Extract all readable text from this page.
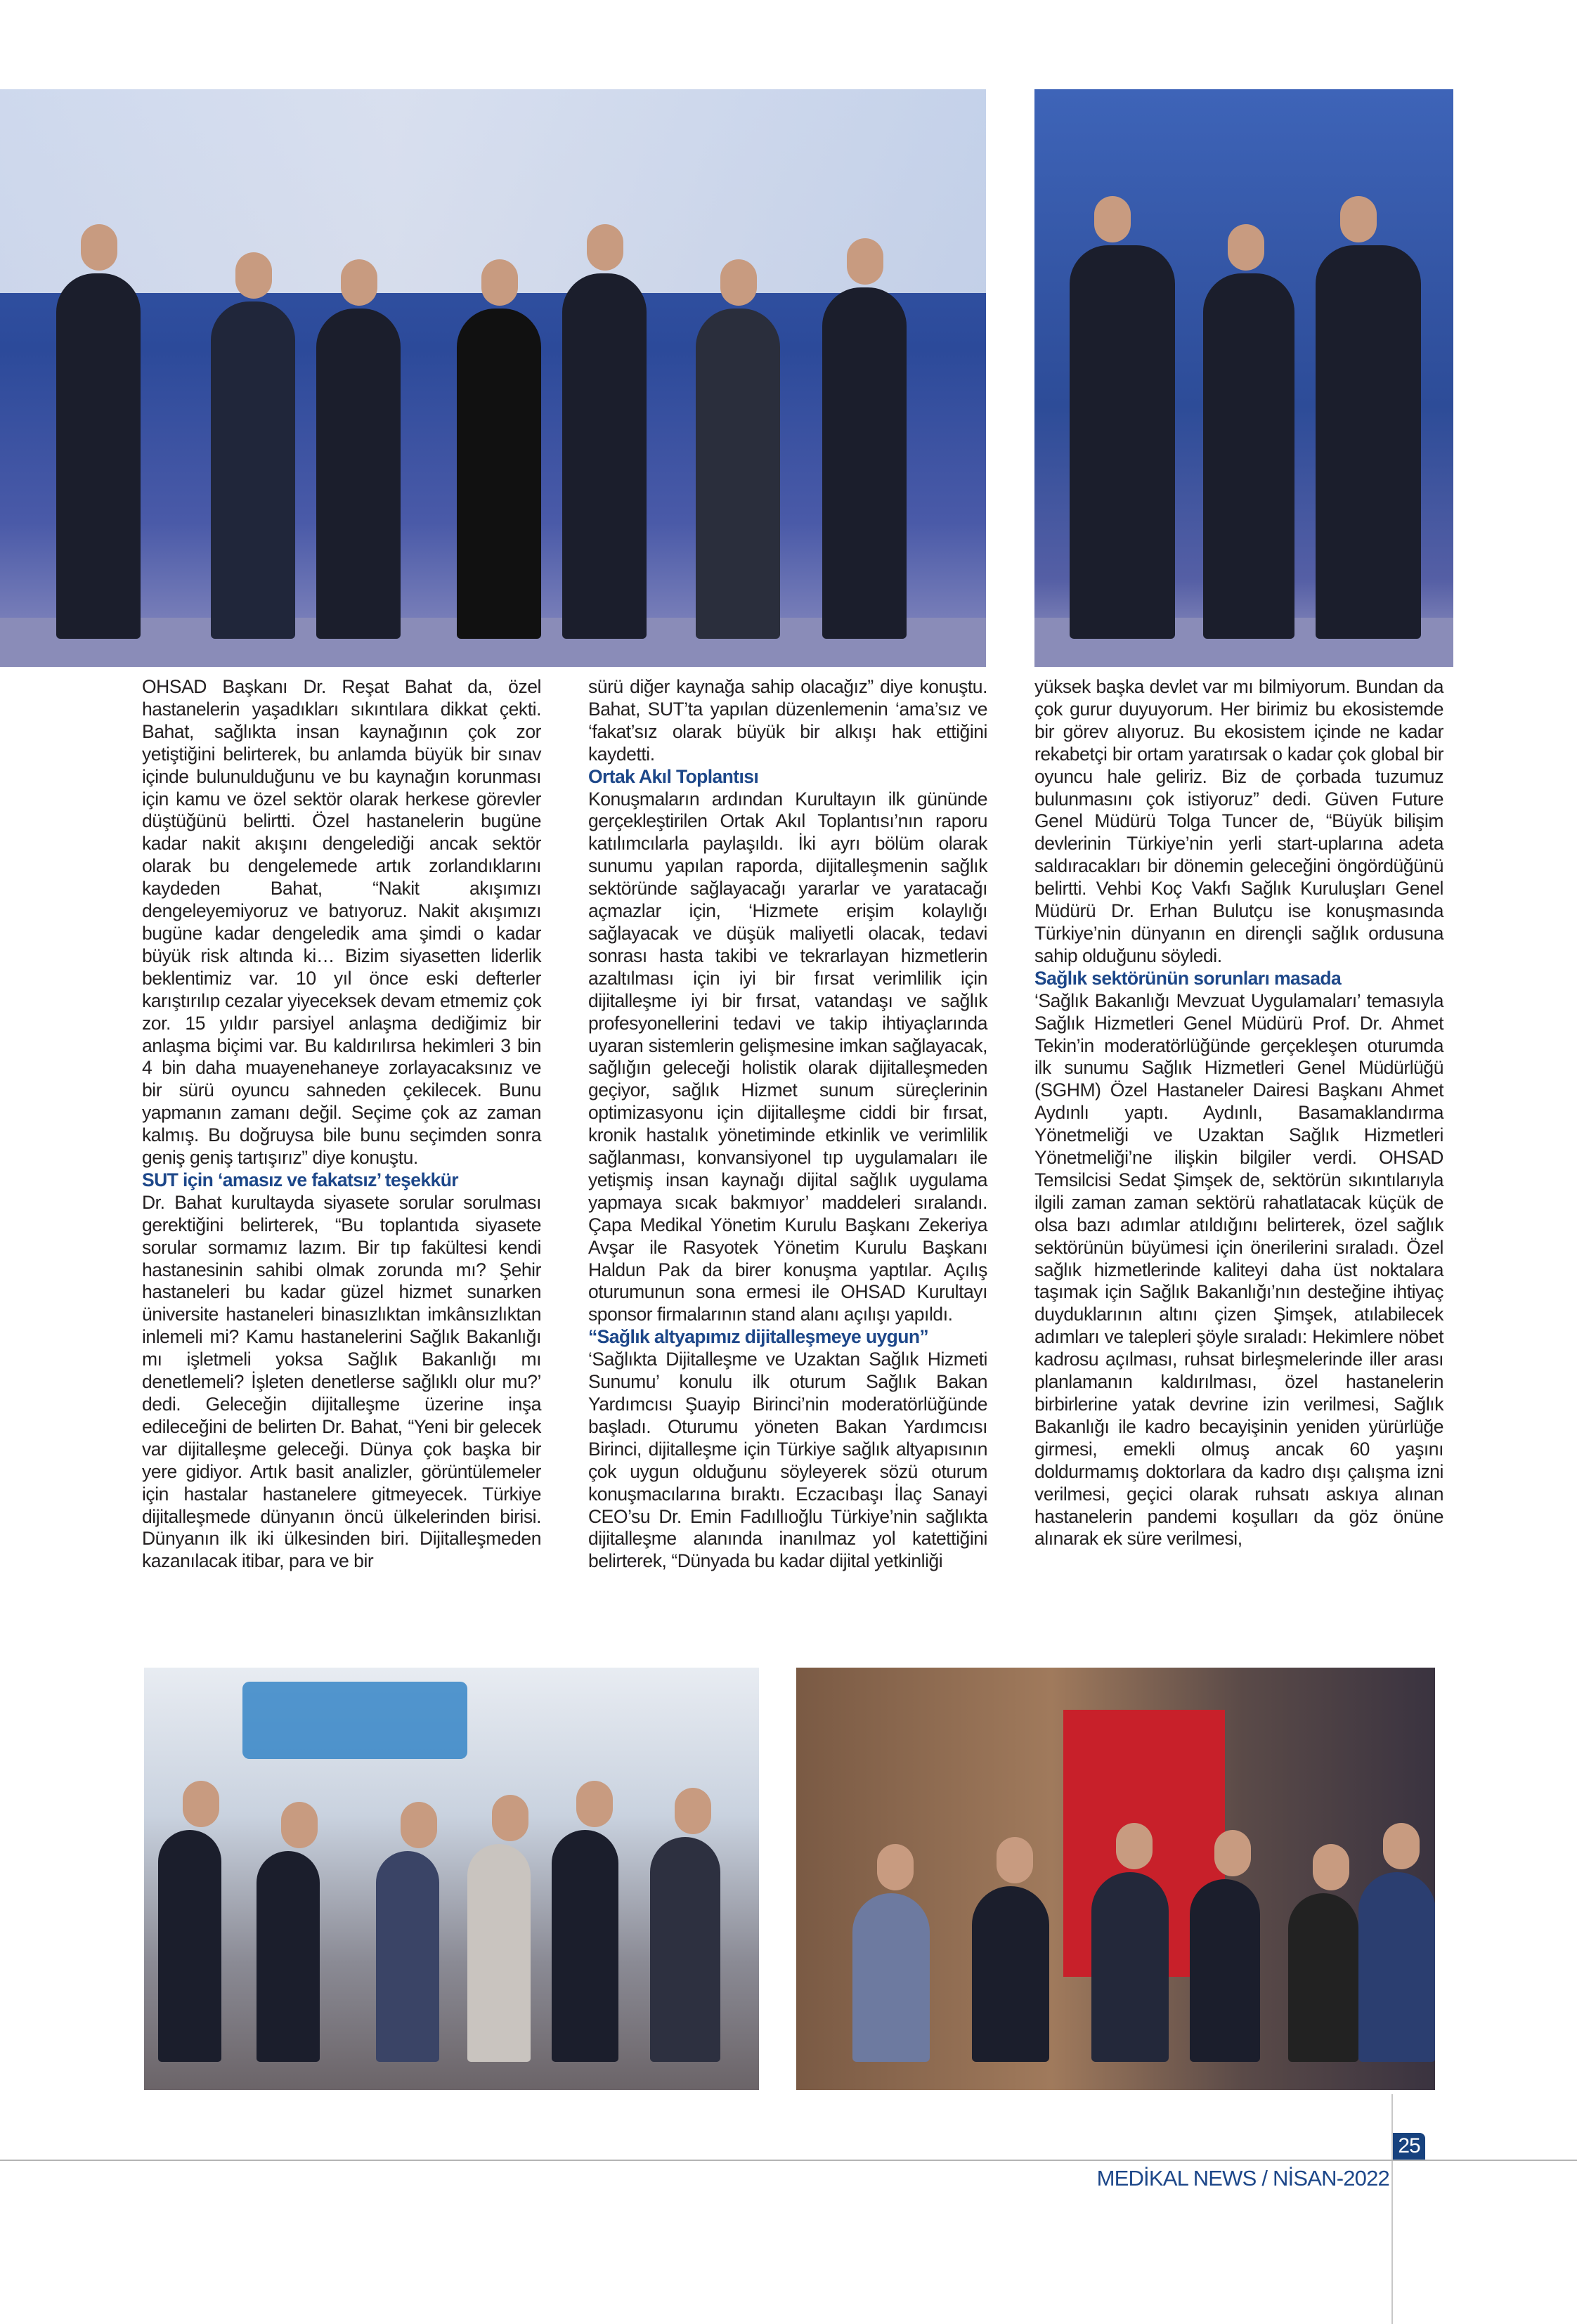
OHSAD Başkanı Dr. Reşat Bahat da, özel hastanelerin yaşadıkları sıkıntılara dikkat çekti. Bahat, sağlıkta insan kaynağının çok zor yetiştiğini belirterek, bu anlamda büyük bir sınav içinde bulunulduğunu ve bu kaynağın korunması için kamu ve özel sektör olarak herkese görevler düştüğünü belirtti. Özel hastanelerin bugüne kadar nakit akışını dengelediği ancak sektör olarak bu dengelemede artık zorlandıklarını kaydeden Bahat, “Nakit akışımızı dengeleyemiyoruz ve batıyoruz. Nakit akışımızı bugüne kadar dengeledik ama şimdi o kadar büyük risk altında ki… Bizim siyasetten liderlik beklentimiz var. 10 yıl önce eski defterler karıştırılıp cezalar yiyeceksek devam etmemiz çok zor. 15 yıldır parsiyel anlaşma dediğimiz bir anlaşma biçimi var. Bu kaldırılırsa hekimleri 3 bin 4 bin daha muayenehaneye zorlayacaksınız ve bir sürü oyuncu sahneden çekilecek. Bunu yapmanın zamanı değil. Seçime çok az zaman kalmış. Bu doğruysa bile bunu seçimden sonra geniş geniş tartışırız” diye konuştu.

SUT için ‘amasız ve fakatsız’ teşekkür

Dr. Bahat kurultayda siyasete sorular sorulması gerektiğini belirterek, “Bu toplantıda siyasete sorular sormamız lazım. Bir tıp fakültesi kendi hastanesinin sahibi olmak zorunda mı? Şehir hastaneleri bu kadar güzel hizmet sunarken üniversite hastaneleri binasızlıktan imkânsızlıktan inlemeli mi? Kamu hastanelerini Sağlık Bakanlığı mı işletmeli yoksa Sağlık Bakanlığı mı denetlemeli? İşleten denetlerse sağlıklı olur mu?’ dedi. Geleceğin dijitalleşme üzerine inşa edileceğini de belirten Dr. Bahat, “Yeni bir gelecek var dijitalleşme geleceği. Dünya çok başka bir yere gidiyor. Artık basit analizler, görüntülemeler için hastalar hastanelere gitmeyecek. Türkiye dijitalleşmede dünyanın öncü ülkelerinden birisi. Dünyanın ilk iki ülkesinden biri. Dijitalleşmeden kazanılacak itibar, para ve bir

sürü diğer kaynağa sahip olacağız” diye konuştu. Bahat, SUT’ta yapılan düzenlemenin ‘ama’sız ve ‘fakat’sız olarak büyük bir alkışı hak ettiğini kaydetti.

Ortak Akıl Toplantısı

Konuşmaların ardından Kurultayın ilk gününde gerçekleştirilen Ortak Akıl Toplantısı’nın raporu katılımcılarla paylaşıldı. İki ayrı bölüm olarak sunumu yapılan raporda, dijitalleşmenin sağlık sektöründe sağlayacağı yararlar ve yaratacağı açmazlar için, ‘Hizmete erişim kolaylığı sağlayacak ve düşük maliyetli olacak, tedavi sonrası hasta takibi ve tekrarlayan hizmetlerin azaltılması için iyi bir fırsat verimlilik için dijitalleşme iyi bir fırsat, vatandaşı ve sağlık profesyonellerini tedavi ve takip ihtiyaçlarında uyaran sistemlerin gelişmesine imkan sağlayacak, sağlığın geleceği holistik olarak dijitalleşmeden geçiyor, sağlık Hizmet sunum süreçlerinin optimizasyonu için dijitalleşme ciddi bir fırsat, kronik hastalık yönetiminde etkinlik ve verimlilik sağlanması, konvansiyonel tıp uygulamaları ile yetişmiş insan kaynağı dijital sağlık uygulama yapmaya sıcak bakmıyor’ maddeleri sıralandı. Çapa Medikal Yönetim Kurulu Başkanı Zekeriya Avşar ile Rasyotek Yönetim Kurulu Başkanı Haldun Pak da birer konuşma yaptılar. Açılış oturumunun sona ermesi ile OHSAD Kurultayı sponsor firmalarının stand alanı açılışı yapıldı.

“Sağlık altyapımız dijitalleşmeye uygun”

‘Sağlıkta Dijitalleşme ve Uzaktan Sağlık Hizmeti Sunumu’ konulu ilk oturum Sağlık Bakan Yardımcısı Şuayip Birinci’nin moderatörlüğünde başladı. Oturumu yöneten Bakan Yardımcısı Birinci, dijitalleşme için Türkiye sağlık altyapısının çok uygun olduğunu söyleyerek sözü oturum konuşmacılarına bıraktı. Eczacıbaşı İlaç Sanayi CEO’su Dr. Emin Fadıllıoğlu Türkiye’nin sağlıkta dijitalleşme alanında inanılmaz yol katettiğini belirterek, “Dünyada bu kadar dijital yetkinliği

yüksek başka devlet var mı bilmiyorum. Bundan da çok gurur duyuyorum. Her birimiz bu ekosistemde bir görev alıyoruz. Bu ekosistem içinde ne kadar rekabetçi bir ortam yaratırsak o kadar çok global bir oyuncu hale geliriz. Biz de çorbada tuzumuz bulunmasını çok istiyoruz” dedi. Güven Future Genel Müdürü Tolga Tuncer de, “Büyük bilişim devlerinin Türkiye’nin yerli start-uplarına adeta saldıracakları bir dönemin geleceğini öngördüğünü belirtti. Vehbi Koç Vakfı Sağlık Kuruluşları Genel Müdürü Dr. Erhan Bulutçu ise konuşmasında Türkiye’nin dünyanın en dirençli sağlık ordusuna sahip olduğunu söyledi.

Sağlık sektörünün sorunları masada

‘Sağlık Bakanlığı Mevzuat Uygulamaları’ temasıyla Sağlık Hizmetleri Genel Müdürü Prof. Dr. Ahmet Tekin’in moderatörlüğünde gerçekleşen oturumda ilk sunumu Sağlık Hizmetleri Genel Müdürlüğü (SGHM) Özel Hastaneler Dairesi Başkanı Ahmet Aydınlı yaptı. Aydınlı, Basamaklandırma Yönetmeliği ve Uzaktan Sağlık Hizmetleri Yönetmeliği’ne ilişkin bilgiler verdi. OHSAD Temsilcisi Sedat Şimşek de, sektörün sıkıntılarıyla ilgili zaman zaman sektörü rahatlatacak küçük de olsa bazı adımlar atıldığını belirterek, özel sağlık sektörünün büyümesi için önerilerini sıraladı. Özel sağlık hizmetlerinde kaliteyi daha üst noktalara taşımak için Sağlık Bakanlığı’nın desteğine ihtiyaç duyduklarının altını çizen Şimşek, atılabilecek adımları ve talepleri şöyle sıraladı: Hekimlere nöbet kadrosu açılması, ruhsat birleşmelerinde iller arası planlamanın kaldırılması, özel hastanelerin birbirlerine yatak devrine izin verilmesi, Sağlık Bakanlığı ile kadro becayişinin yeniden yürürlüğe girmesi, emekli olmuş ancak 60 yaşını doldurmamış doktorlara da kadro dışı çalışma izni verilmesi, geçici olarak ruhsatı askıya alınan hastanelerin pandemi koşulları da göz önüne alınarak ek süre verilmesi,

25
MEDİKAL NEWS / NİSAN-2022
